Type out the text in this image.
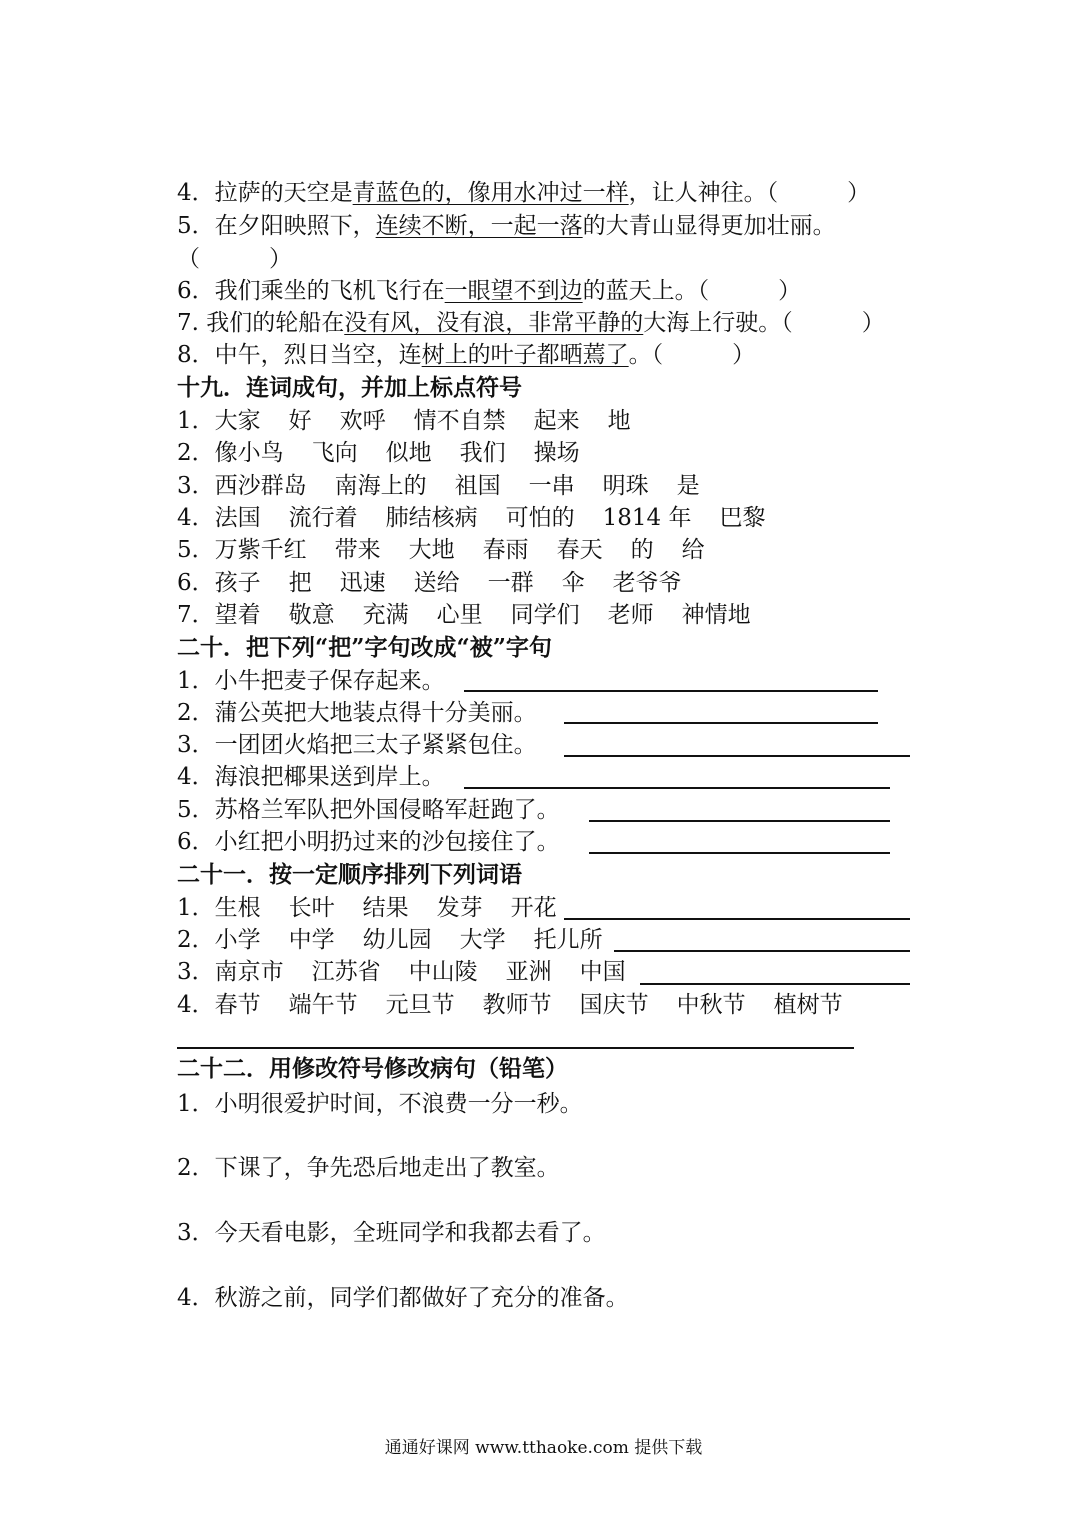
4．拉萨的天空是青蓝色的，像用水冲过一样，让人神往。（　　　）
5．在夕阳映照下，连续不断，一起一落的大青山显得更加壮丽。
（　　　）
6．我们乘坐的飞机飞行在一眼望不到边的蓝天上。（　　　）
7. 我们的轮船在没有风，没有浪，非常平静的大海上行驶。（　　　）
8．中午，烈日当空，连树上的叶子都晒蔫了。（　　　）
十九．连词成句，并加上标点符号
1．大家 好 欢呼 情不自禁 起来 地
2．像小鸟 飞向 似地 我们 操场
3．西沙群岛 南海上的 祖国 一串 明珠 是
4．法国 流行着 肺结核病 可怕的 1814 年 巴黎
5．万紫千红 带来 大地 春雨 春天 的 给
6．孩子 把 迅速 送给 一群 伞 老爷爷
7．望着 敬意 充满 心里 同学们 老师 神情地
二十．把下列“把”字句改成“被”字句
1．小牛把麦子保存起来。
2．蒲公英把大地装点得十分美丽。
3．一团团火焰把三太子紧紧包住。
4．海浪把椰果送到岸上。
5．苏格兰军队把外国侵略军赶跑了。
6．小红把小明扔过来的沙包接住了。
二十一．按一定顺序排列下列词语
1．生根 长叶 结果 发芽 开花
2．小学 中学 幼儿园 大学 托儿所
3．南京市 江苏省 中山陵 亚洲 中国
4．春节 端午节 元旦节 教师节 国庆节 中秋节 植树节
二十二．用修改符号修改病句（铅笔）
1．小明很爱护时间，不浪费一分一秒。
2．下课了，争先恐后地走出了教室。
3．今天看电影，全班同学和我都去看了。
4．秋游之前，同学们都做好了充分的准备。
通通好课网 www.tthaoke.com 提供下载
